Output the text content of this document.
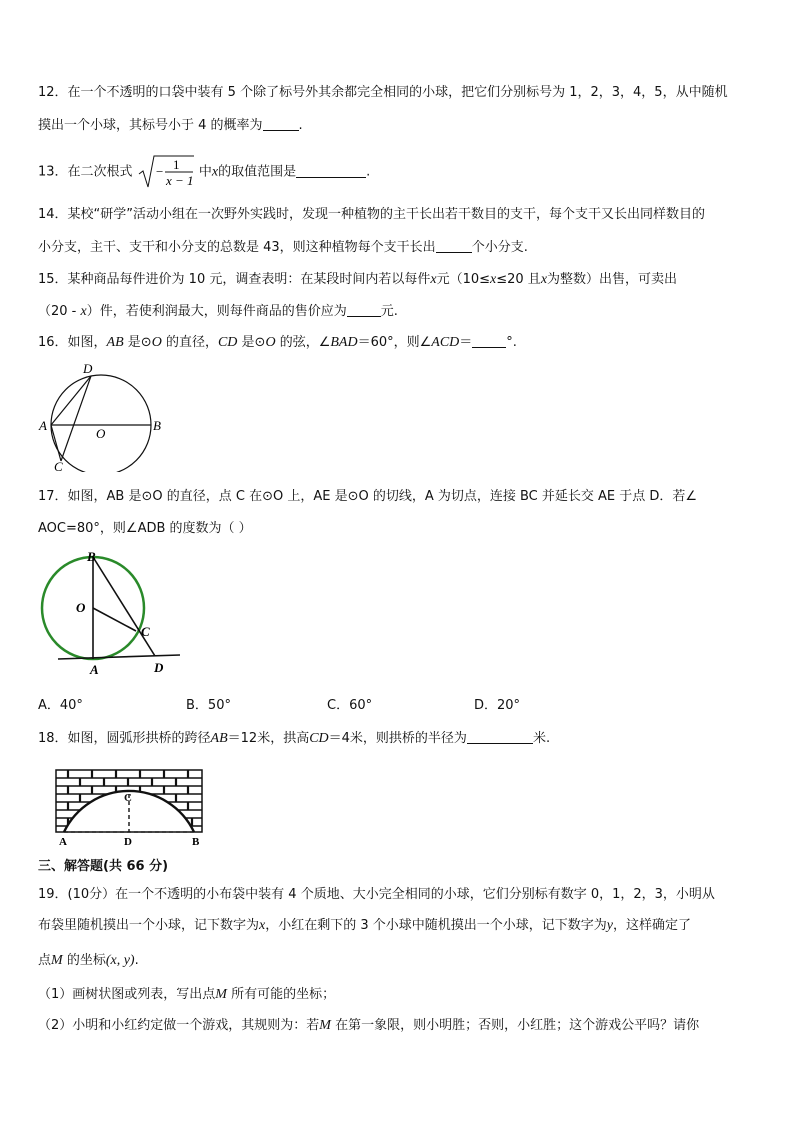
12．在一个不透明的口袋中装有 5 个除了标号外其余都完全相同的小球，把它们分别标号为 1，2，3，4，5，从中随机
摸出一个小球，其标号小于 4 的概率为	.
13．在二次根式 − 1
x − 1
中x的取值范围是	.
14．某校“研学”活动小组在一次野外实践时，发现一种植物的主干长出若干数目的支干，每个支干又长出同样数目的
小分支，主干、支干和小分支的总数是 43，则这种植物每个支干长出	个小分支.
15．某种商品每件进价为 10 元，调查表明：在某段时间内若以每件x元（10≤x≤20 且x为整数）出售，可卖出
（20 - x）件，若使利润最大，则每件商品的售价应为	元.
16．如图，AB 是⊙O 的直径，CD 是⊙O 的弦，∠BAD＝60°，则∠ACD＝	°.
A	B
D
C
O
17．如图，AB 是⊙O 的直径，点 C 在⊙O 上，AE 是⊙O 的切线，A 为切点，连接 BC 并延长交 AE 于点 D．若∠
AOC=80°，则∠ADB 的度数为（ ）
B
O
C
A	D
A．40°	B．50°	C．60°	D．20°
18．如图，圆弧形拱桥的跨径AB＝12米，拱高CD＝4米，则拱桥的半径为	米.
C
A	D	B
三、解答题(共 66 分)
19．(10分）在一个不透明的小布袋中装有 4 个质地、大小完全相同的小球，它们分别标有数字 0，1，2，3，小明从
布袋里随机摸出一个小球，记下数字为x，小红在剩下的 3 个小球中随机摸出一个小球，记下数字为y，这样确定了
点M 的坐标(x, y).
（1）画树状图或列表，写出点M 所有可能的坐标；
（2）小明和小红约定做一个游戏，其规则为：若M 在第一象限，则小明胜；否则，小红胜；这个游戏公平吗？请你
